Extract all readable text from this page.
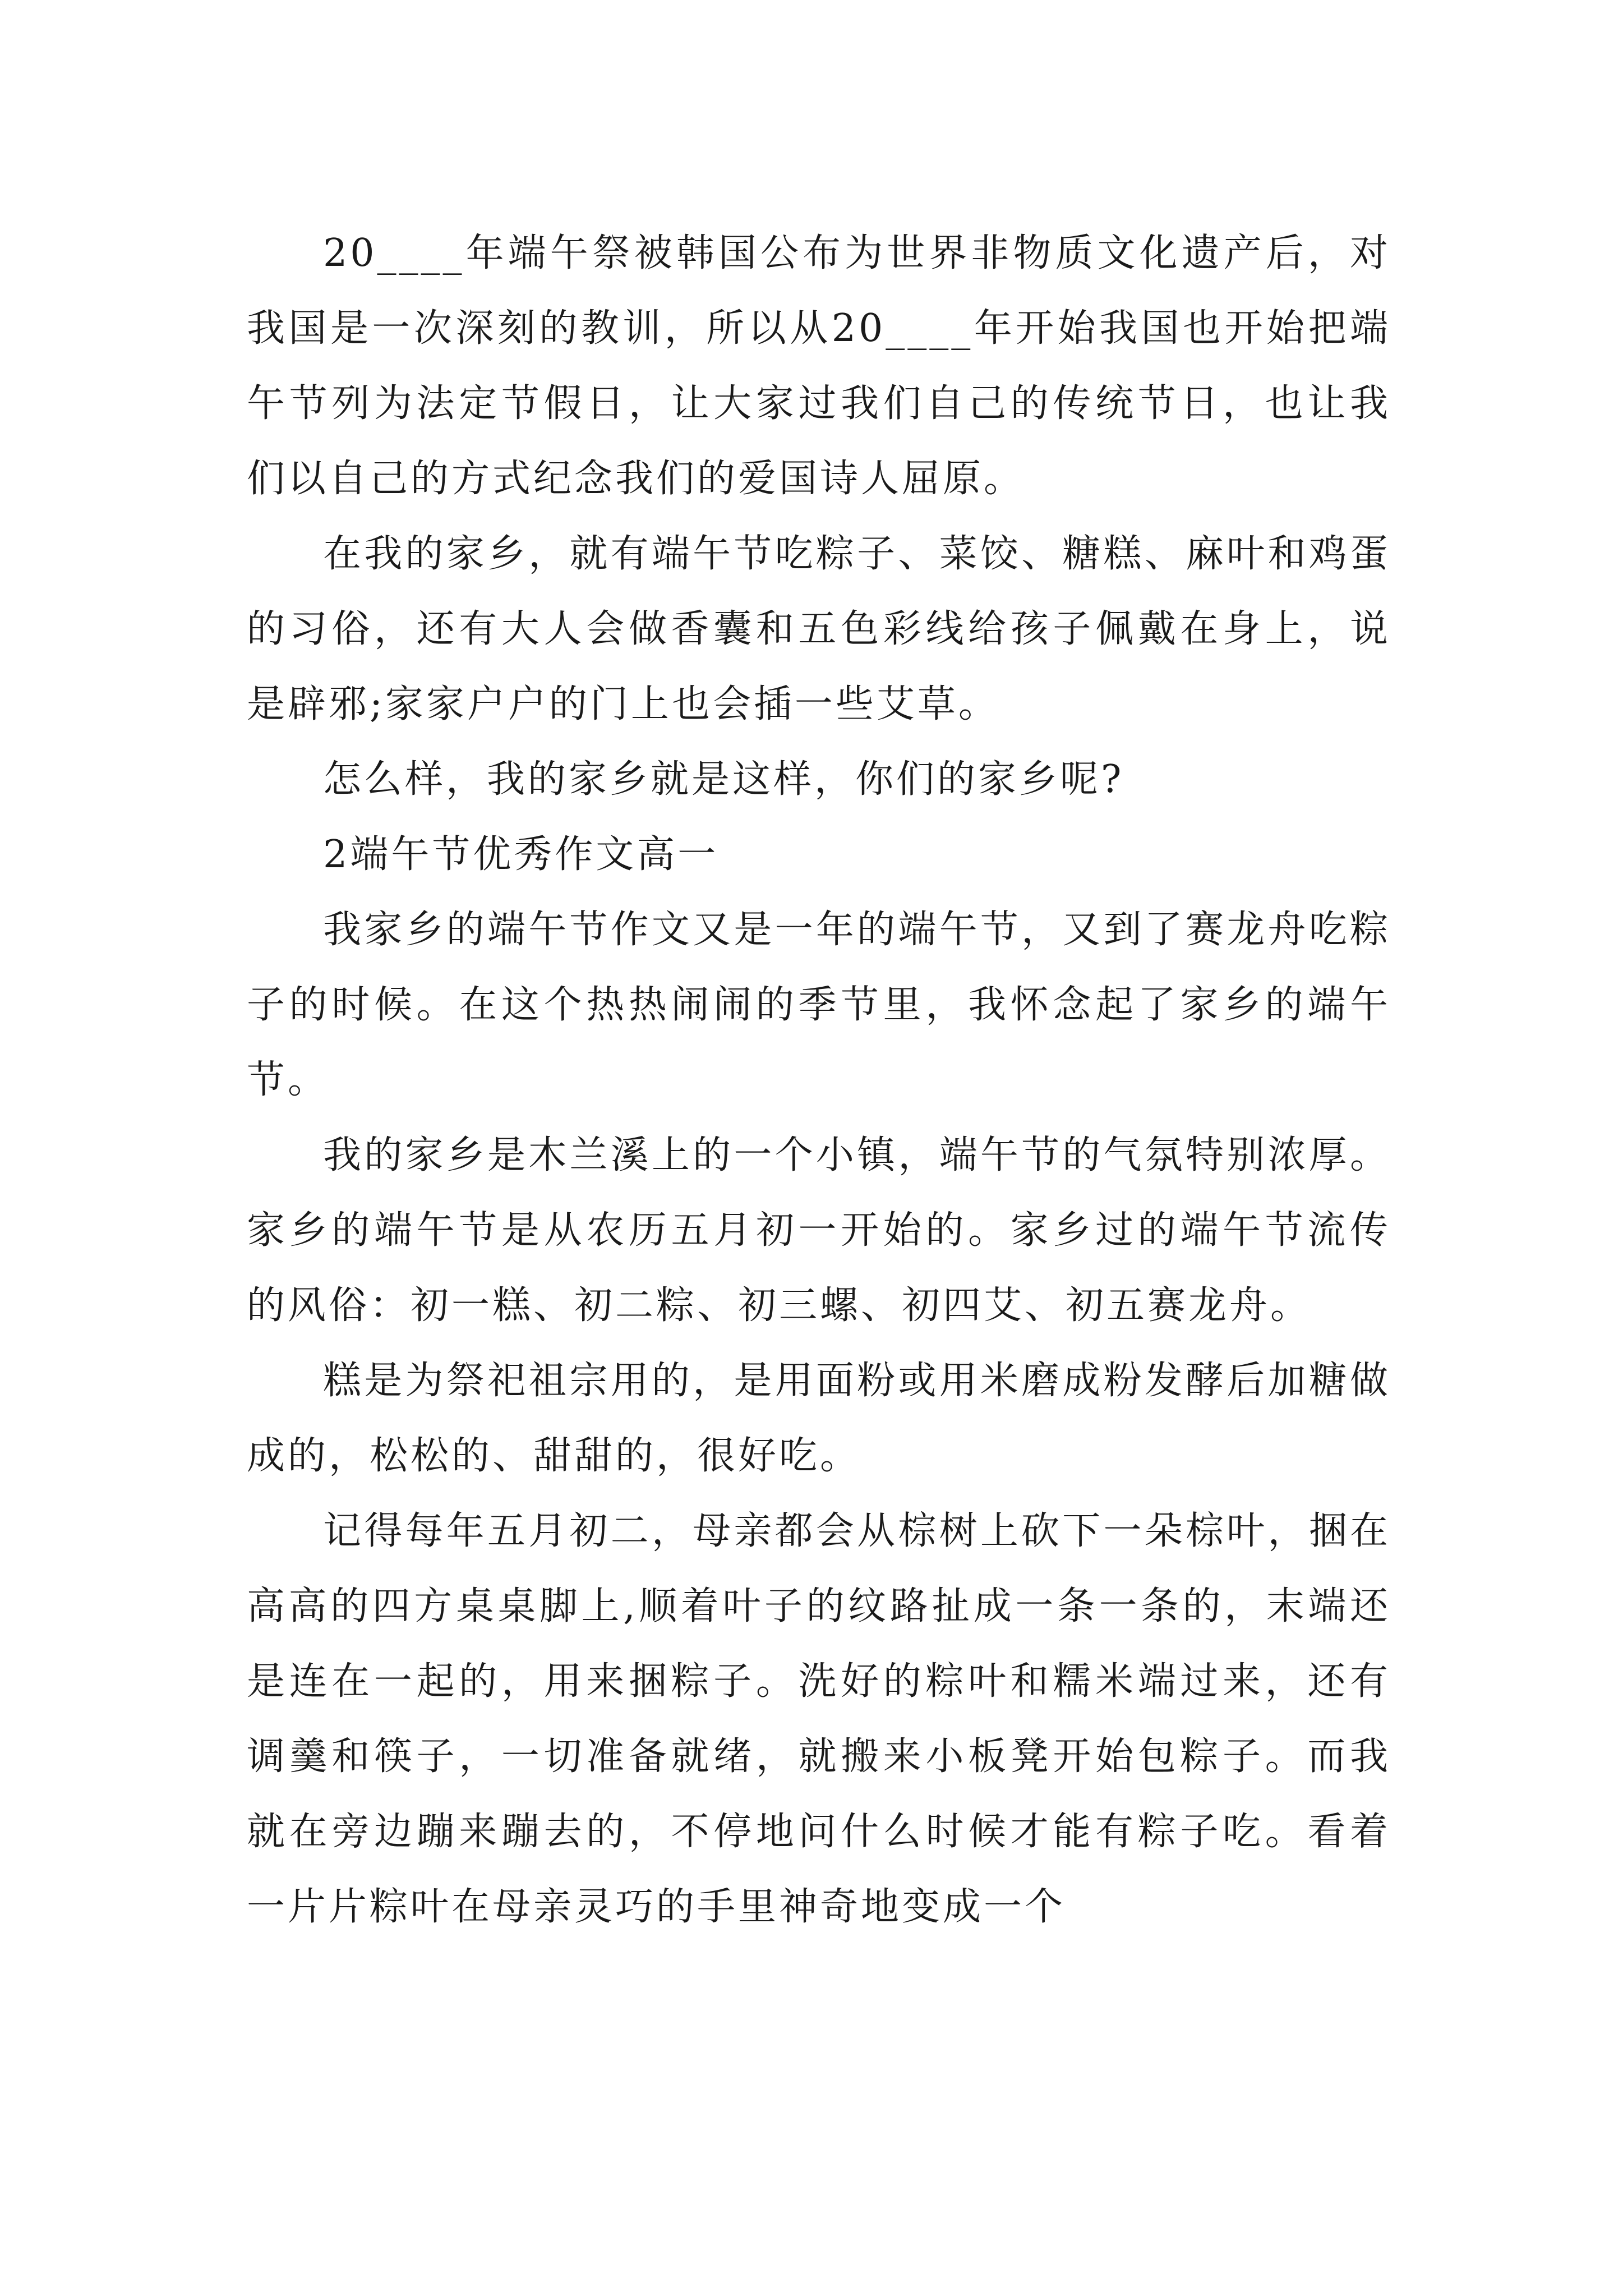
20____年端午祭被韩国公布为世界非物质文化遗产后，对我国是一次深刻的教训，所以从20____年开始我国也开始把端午节列为法定节假日，让大家过我们自己的传统节日，也让我们以自己的方式纪念我们的爱国诗人屈原。

在我的家乡，就有端午节吃粽子、菜饺、糖糕、麻叶和鸡蛋的习俗，还有大人会做香囊和五色彩线给孩子佩戴在身上，说是辟邪;家家户户的门上也会插一些艾草。

怎么样，我的家乡就是这样，你们的家乡呢?

2端午节优秀作文高一

我家乡的端午节作文又是一年的端午节，又到了赛龙舟吃粽子的时候。在这个热热闹闹的季节里，我怀念起了家乡的端午节。

我的家乡是木兰溪上的一个小镇，端午节的气氛特别浓厚。家乡的端午节是从农历五月初一开始的。家乡过的端午节流传的风俗：初一糕、初二粽、初三螺、初四艾、初五赛龙舟。

糕是为祭祀祖宗用的，是用面粉或用米磨成粉发酵后加糖做成的，松松的、甜甜的，很好吃。

记得每年五月初二，母亲都会从棕树上砍下一朵棕叶，捆在高高的四方桌桌脚上,顺着叶子的纹路扯成一条一条的，末端还是连在一起的，用来捆粽子。洗好的粽叶和糯米端过来，还有调羹和筷子，一切准备就绪，就搬来小板凳开始包粽子。而我就在旁边蹦来蹦去的，不停地问什么时候才能有粽子吃。看着一片片粽叶在母亲灵巧的手里神奇地变成一个
